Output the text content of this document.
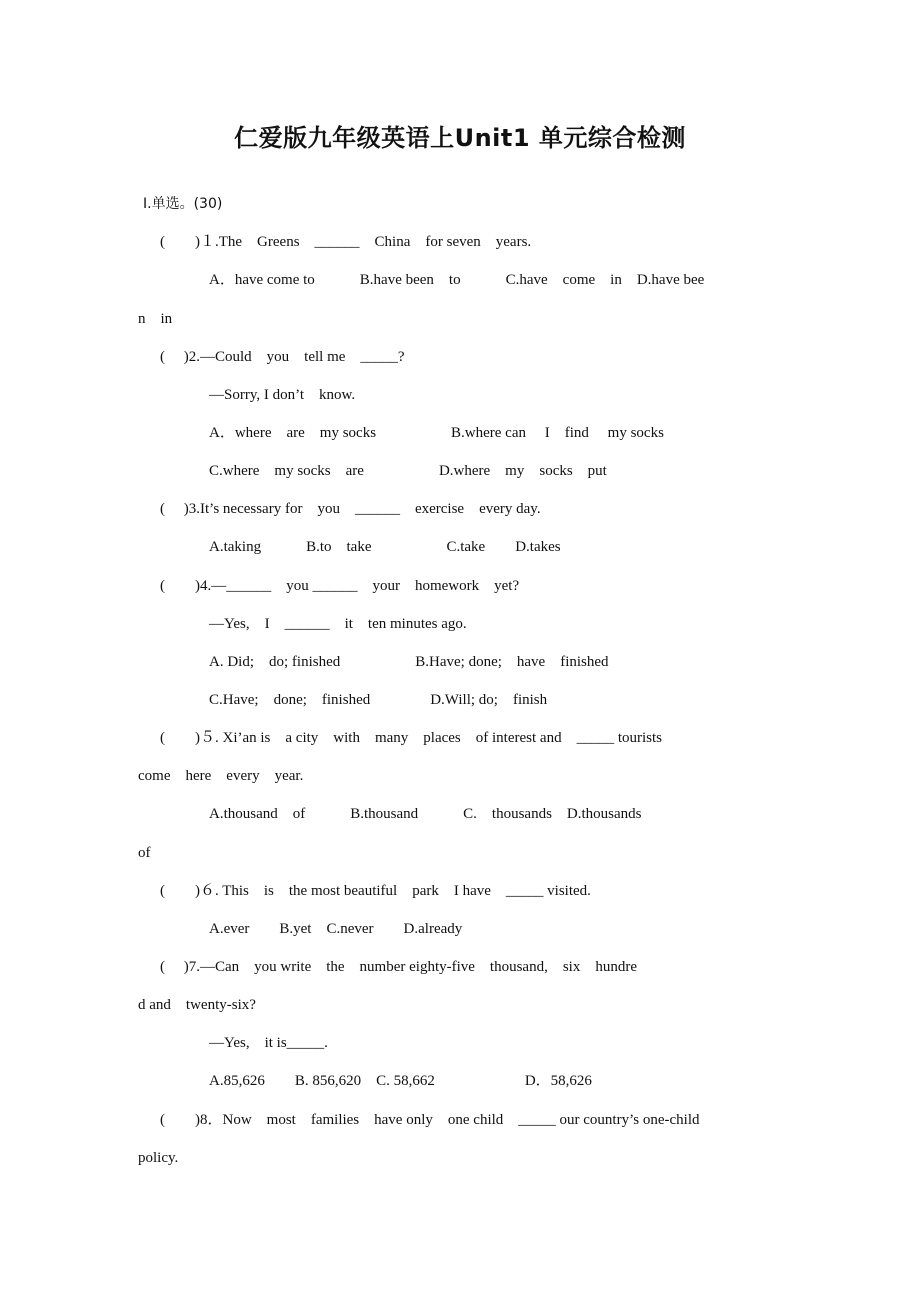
仁爱版九年级英语上Unit1 单元综合检测
Ⅰ.单选。(30)
(　　)１.The　Greens　______　China　for seven　years.
A．have come to　　　B.have been　to　　　C.have　come　in　D.have bee
n　in
(　 )2.—Could　you　tell me　_____?
—Sorry, I don’t　know.
A．where　are　my socks　　　　　B.where can　 I　find　 my socks
C.where　my socks　are　　　　　D.where　my　socks　put
(　 )3.It’s necessary for　you　______　exercise　every day.
A.taking　　　B.to　take　　　　　C.take　　D.takes
(　　)4.—______　you ______　your　homework　yet?
—Yes,　I　______　it　ten minutes ago.
A. Did;　do; finished　　　　　B.Have; done;　have　finished
C.Have;　done;　finished　　　　D.Will; do;　finish
(　　)５. Xi’an is　a city　with　many　places　of interest and　_____ tourists
come　here　every　year.
A.thousand　of　　　B.thousand　　　C.　thousands　D.thousands
of
(　　)６. This　is　the most beautiful　park　I have　_____ visited.
A.ever　　B.yet　C.never　　D.already
(　 )7.—Can　you write　the　number eighty-five　thousand,　six　hundre
d and　twenty-six?
—Yes,　it is_____.
A.85,626　　B. 856,620　C. 58,662　　　　　　D．58,626
(　　)8．Now　most　families　have only　one child　_____ our country’s one-child
policy.
